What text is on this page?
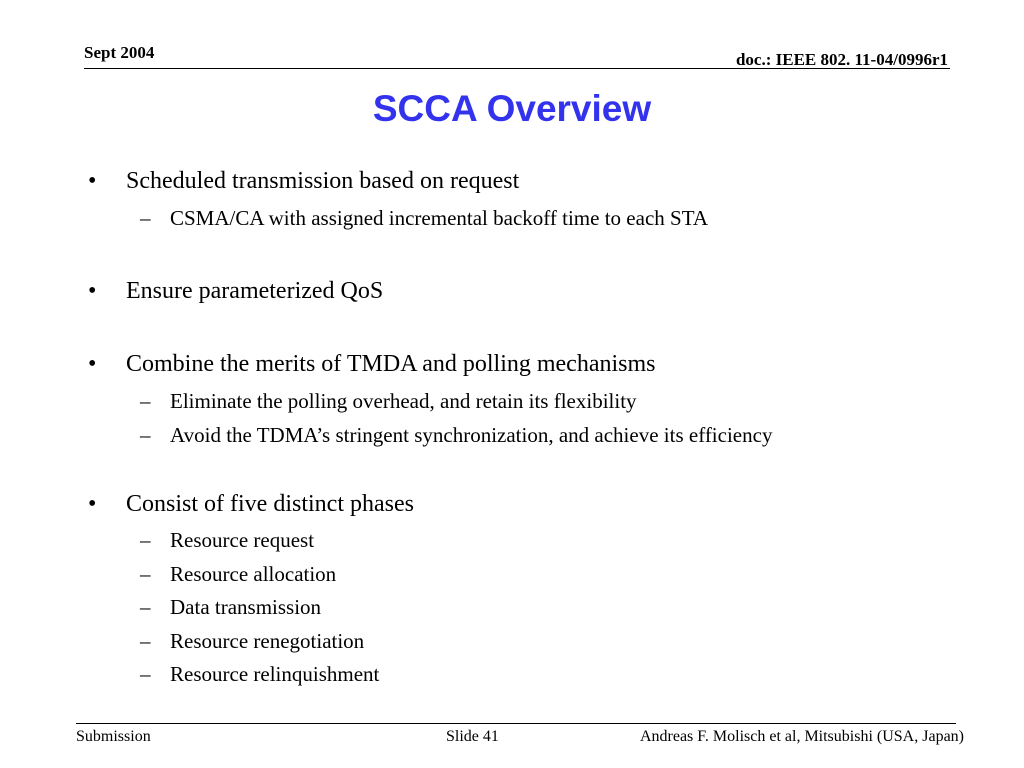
Sept 2004	doc.: IEEE 802. 11-04/0996r1
SCCA Overview
• Scheduled transmission based on request
– CSMA/CA with assigned incremental backoff time to each STA
• Ensure parameterized QoS
• Combine the merits of TMDA and polling mechanisms
– Eliminate the polling overhead, and retain its flexibility
– Avoid the TDMA’s stringent synchronization, and achieve its efficiency
• Consist of five distinct phases
– Resource request
– Resource allocation
– Data transmission
– Resource renegotiation
– Resource relinquishment
Submission	Slide 41	Andreas F. Molisch et al, Mitsubishi (USA, Japan)
